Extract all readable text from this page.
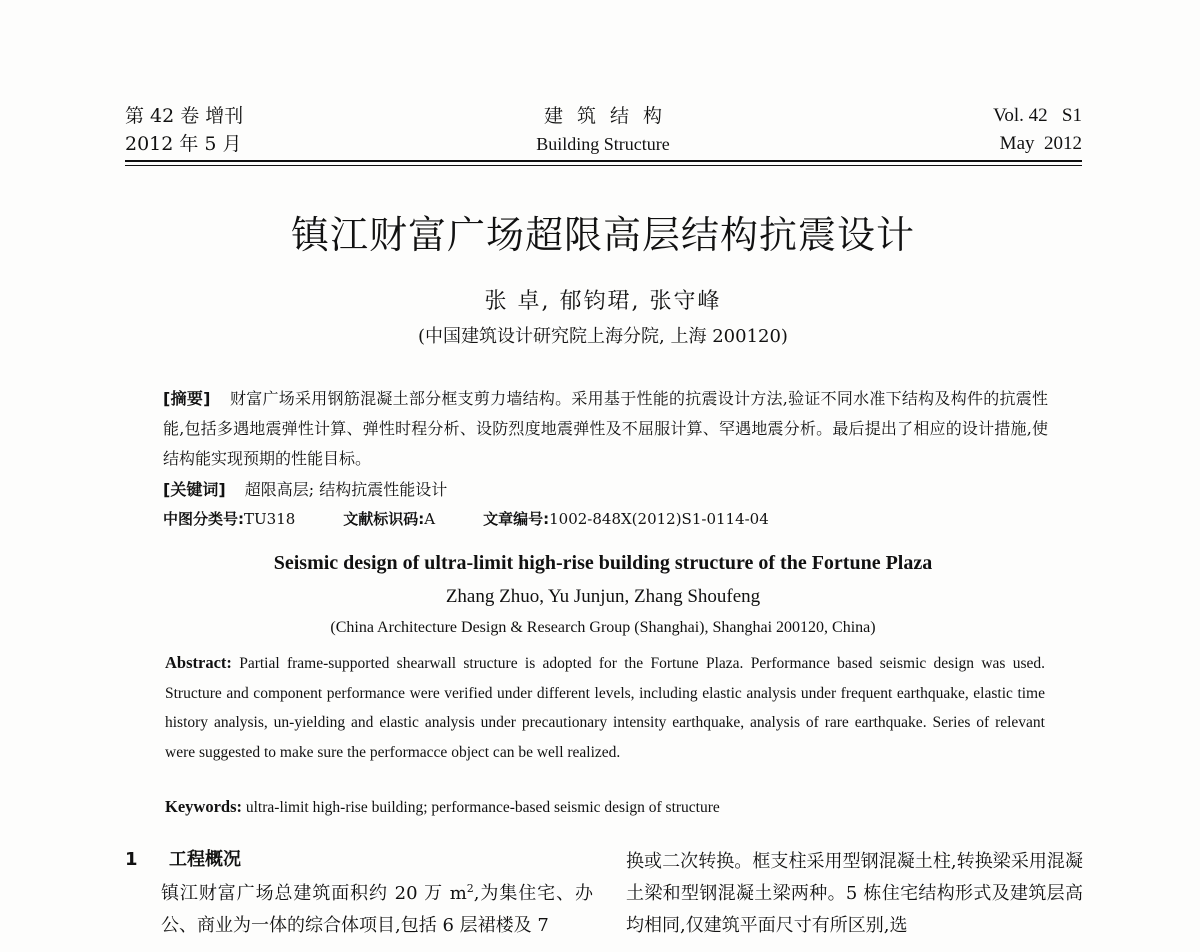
第 42 卷 增刊
2012 年 5 月
建筑结构
Building Structure
Vol. 42   S1
May  2012
镇江财富广场超限高层结构抗震设计
张 卓, 郁钧珺, 张守峰
(中国建筑设计研究院上海分院, 上海 200120)
[摘要] 财富广场采用钢筋混凝土部分框支剪力墙结构。采用基于性能的抗震设计方法,验证不同水准下结构及构件的抗震性能,包括多遇地震弹性计算、弹性时程分析、设防烈度地震弹性及不屈服计算、罕遇地震分析。最后提出了相应的设计措施,使结构能实现预期的性能目标。
[关键词] 超限高层; 结构抗震性能设计
中图分类号:TU318	文献标识码:A	文章编号:1002-848X(2012)S1-0114-04
Seismic design of ultra-limit high-rise building structure of the Fortune Plaza
Zhang Zhuo, Yu Junjun, Zhang Shoufeng
(China Architecture Design & Research Group (Shanghai), Shanghai 200120, China)
Abstract: Partial frame-supported shearwall structure is adopted for the Fortune Plaza. Performance based seismic design was used. Structure and component performance were verified under different levels, including elastic analysis under frequent earthquake, elastic time history analysis, un-yielding and elastic analysis under precautionary intensity earthquake, analysis of rare earthquake. Series of relevant were suggested to make sure the performacce object can be well realized.
Keywords: ultra-limit high-rise building; performance-based seismic design of structure
1 工程概况
镇江财富广场总建筑面积约 20 万 $m^2$,为集住宅、办公、商业为一体的综合体项目,包括 6 层裙楼及 7
换或二次转换。框支柱采用型钢混凝土柱,转换梁采用混凝土梁和型钢混凝土梁两种。5 栋住宅结构形式及建筑层高均相同,仅建筑平面尺寸有所区别,选
